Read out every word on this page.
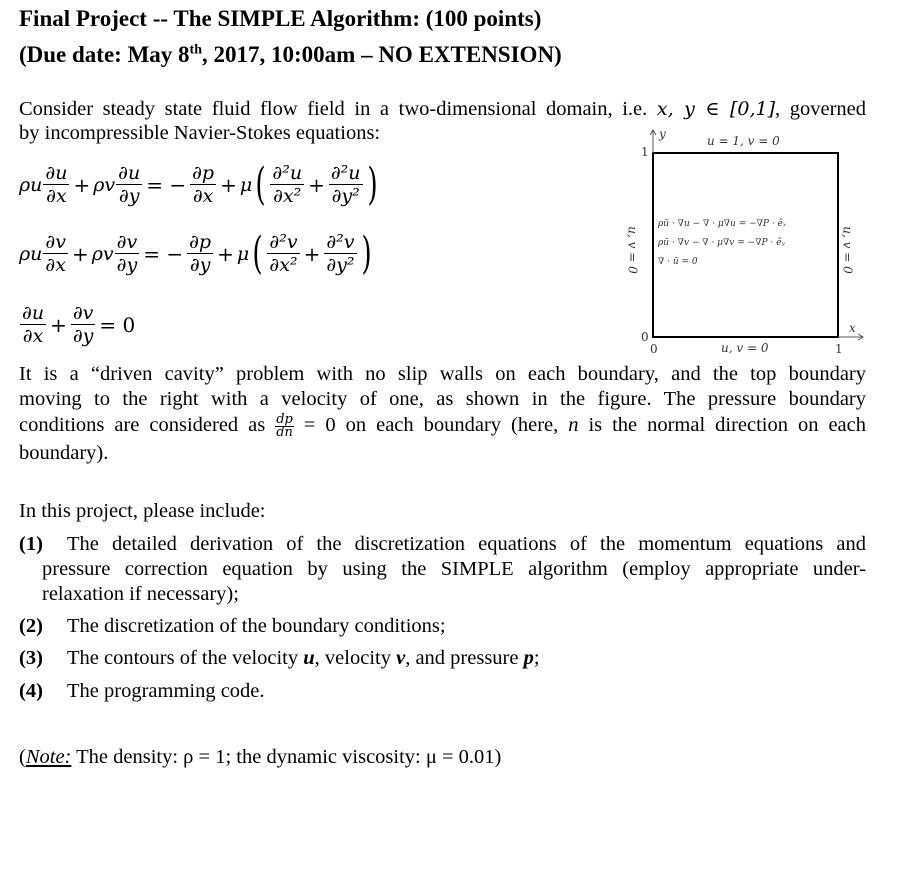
Final Project -- The SIMPLE Algorithm: (100 points)
(Due date: May 8th, 2017, 10:00am – NO EXTENSION)
Consider steady state fluid flow field in a two-dimensional domain, i.e. x, y ∈ [0,1], governed
by incompressible Navier-Stokes equations:
ρu $\frac{\partial u}{\partial x} + \rho v \frac{\partial u}{\partial y}$ = − $\frac{\partial p}{\partial x} + \mu$ ( $\frac{\text{∂²u}}{\text{∂x²}} + \frac{\text{∂²u}}{\text{∂y²}}$ )
ρu $\frac{\partial v}{\partial x} + \rho v \frac{\partial v}{\partial y}$ = − $\frac{\partial p}{\partial y} + \mu$ ( $\frac{\text{∂²v}}{\text{∂x²}} + \frac{\text{∂²v}}{\text{∂y²}}$ )
$\frac{\partial u}{\partial x} + \frac{\partial v}{\partial y} = 0$
u = 1, v = 0
u, v = 0
u, v = 0	u, v = 0
y
x
1
0
0	1
ρū · ∇u − ∇ · μ∇u = −∇P · êₓ
ρū · ∇v − ∇ · μ∇v = −∇P · êᵧ
∇ · ū = 0
It is a “driven cavity” problem with no slip walls on each boundary, and the top boundary
moving to the right with a velocity of one, as shown in the figure. The pressure boundary
conditions are considered as $\frac{dp}{dn} = 0$ on each boundary (here, n is the normal direction on each
boundary).
In this project, please include:
(1) The detailed derivation of the discretization equations of the momentum equations and
pressure correction equation by using the SIMPLE algorithm (employ appropriate under-
relaxation if necessary);
(2) The discretization of the boundary conditions;
(3) The contours of the velocity u, velocity v, and pressure p;
(4) The programming code.
(Note: The density: ρ = 1; the dynamic viscosity: μ = 0.01)
